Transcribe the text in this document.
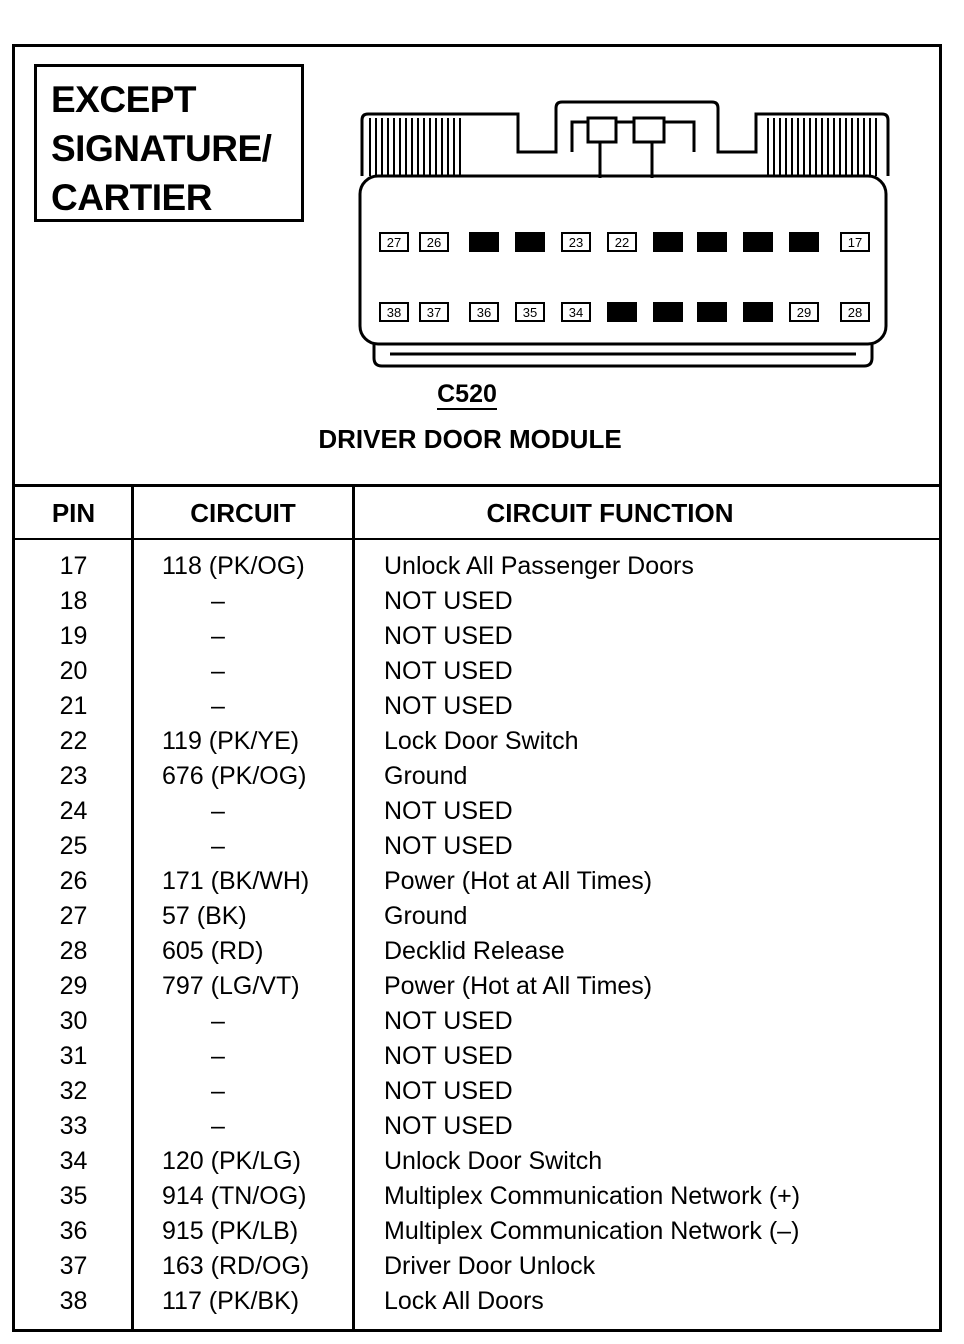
EXCEPT
SIGNATURE/
CARTIER
27 26	25 24 23 22 21 20 19 18	17
38 37	36 35 34 33 32 31 30 29	28
C520
DRIVER DOOR MODULE
PIN	CIRCUIT	CIRCUIT FUNCTION
17	118 (PK/OG)	Unlock All Passenger Doors
18	–	NOT USED
19	–	NOT USED
20	–	NOT USED
21	–	NOT USED
22	119 (PK/YE)	Lock Door Switch
23	676 (PK/OG)	Ground
24	–	NOT USED
25	–	NOT USED
26	171 (BK/WH)	Power (Hot at All Times)
27	57 (BK)	Ground
28	605 (RD)	Decklid Release
29	797 (LG/VT)	Power (Hot at All Times)
30	–	NOT USED
31	–	NOT USED
32	–	NOT USED
33	–	NOT USED
34	120 (PK/LG)	Unlock Door Switch
35	914 (TN/OG)	Multiplex Communication Network (+)
36	915 (PK/LB)	Multiplex Communication Network (–)
37	163 (RD/OG)	Driver Door Unlock
38	117 (PK/BK)	Lock All Doors
